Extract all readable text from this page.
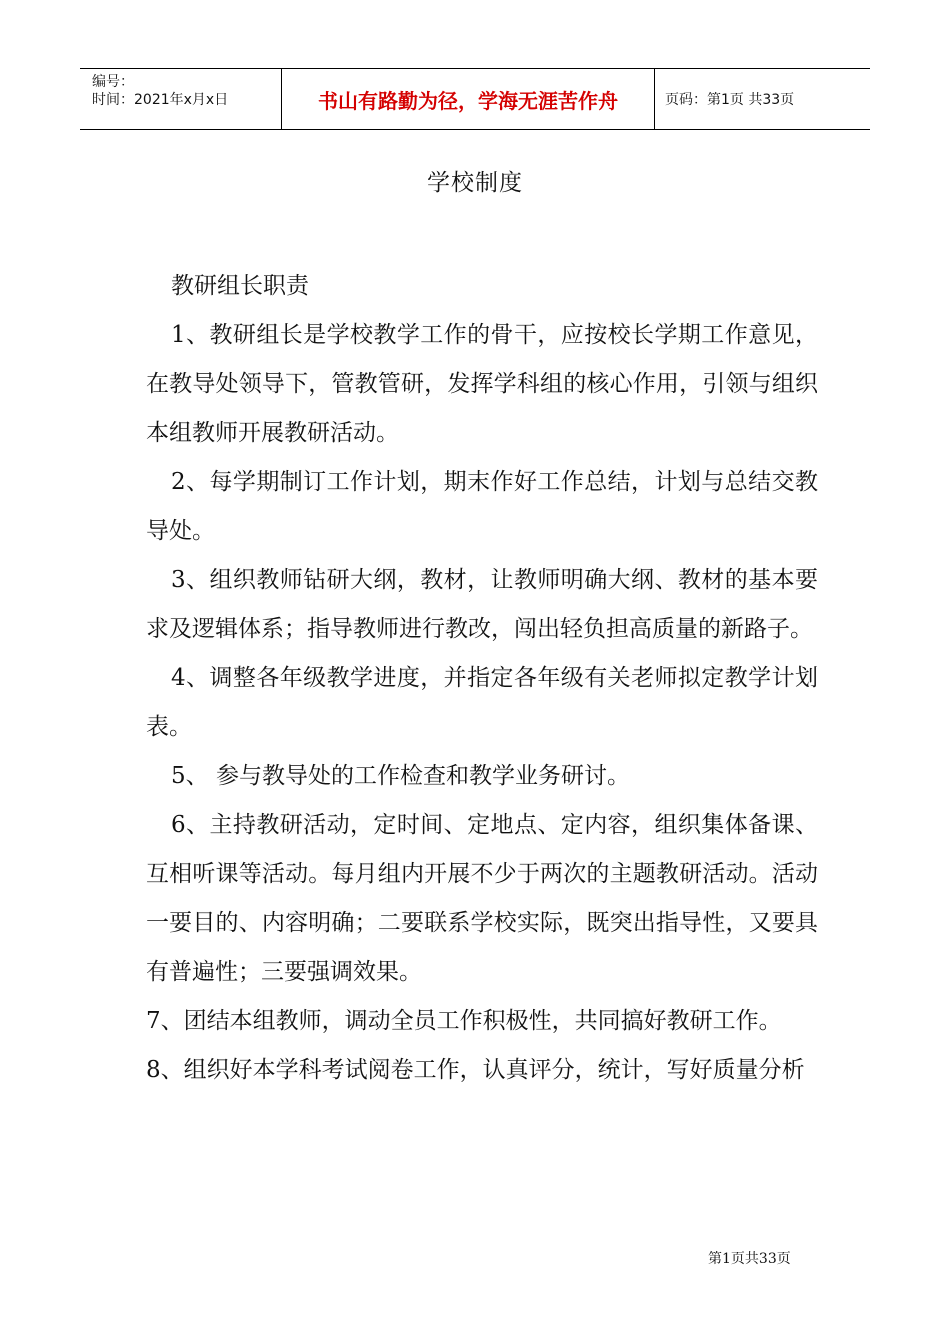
编号：
时间：2021年x月x日	书山有路勤为径，学海无涯苦作舟	页码：第1页 共33页
学校制度

教研组长职责

1、教研组长是学校教学工作的骨干，应按校长学期工作意见，在教导处领导下，管教管研，发挥学科组的核心作用，引领与组织本组教师开展教研活动。

2、每学期制订工作计划，期末作好工作总结，计划与总结交教导处。

3、组织教师钻研大纲，教材，让教师明确大纲、教材的基本要求及逻辑体系；指导教师进行教改，闯出轻负担高质量的新路子。

4、调整各年级教学进度，并指定各年级有关老师拟定教学计划表。

5、 参与教导处的工作检查和教学业务研讨。

6、主持教研活动，定时间、定地点、定内容，组织集体备课、互相听课等活动。每月组内开展不少于两次的主题教研活动。活动一要目的、内容明确；二要联系学校实际，既突出指导性，又要具有普遍性；三要强调效果。

7、团结本组教师，调动全员工作积极性，共同搞好教研工作。

8、组织好本学科考试阅卷工作，认真评分，统计，写好质量分析

第1页共33页
